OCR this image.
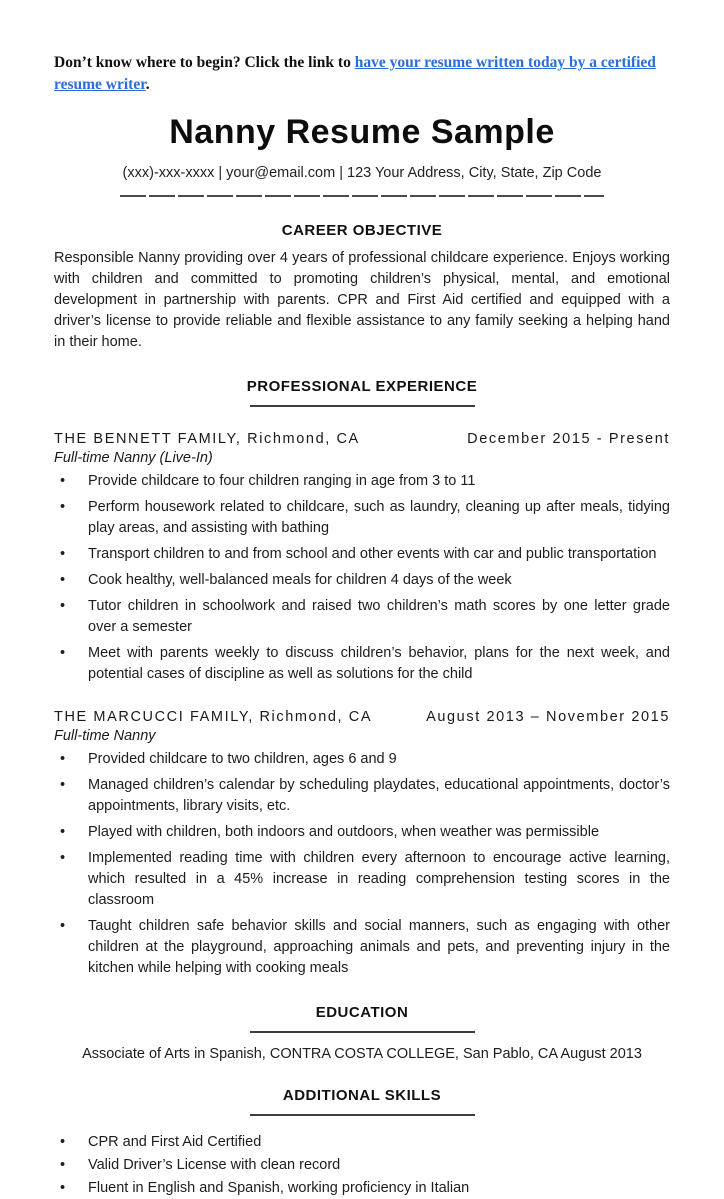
Don’t know where to begin? Click the link to have your resume written today by a certified resume writer.

Nanny Resume Sample
(xxx)-xxx-xxxx | your@email.com | 123 Your Address, City, State, Zip Code
CAREER OBJECTIVE

Responsible Nanny providing over 4 years of professional childcare experience. Enjoys working with children and committed to promoting children’s physical, mental, and emotional development in partnership with parents. CPR and First Aid certified and equipped with a driver’s license to provide reliable and flexible assistance to any family seeking a helping hand in their home.

PROFESSIONAL EXPERIENCE
THE BENNETT FAMILY, Richmond, CA	December 2015 - Present
Full-time Nanny (Live-In)
• Provide childcare to four children ranging in age from 3 to 11
• Perform housework related to childcare, such as laundry, cleaning up after meals, tidying play areas, and assisting with bathing
• Transport children to and from school and other events with car and public transportation
• Cook healthy, well-balanced meals for children 4 days of the week
• Tutor children in schoolwork and raised two children’s math scores by one letter grade over a semester
• Meet with parents weekly to discuss children’s behavior, plans for the next week, and potential cases of discipline as well as solutions for the child
THE MARCUCCI FAMILY, Richmond, CA	August 2013 – November 2015
Full-time Nanny
• Provided childcare to two children, ages 6 and 9
• Managed children’s calendar by scheduling playdates, educational appointments, doctor’s appointments, library visits, etc.
• Played with children, both indoors and outdoors, when weather was permissible
• Implemented reading time with children every afternoon to encourage active learning, which resulted in a 45% increase in reading comprehension testing scores in the classroom
• Taught children safe behavior skills and social manners, such as engaging with other children at the playground, approaching animals and pets, and preventing injury in the kitchen while helping with cooking meals
EDUCATION
Associate of Arts in Spanish, CONTRA COSTA COLLEGE, San Pablo, CA August 2013
ADDITIONAL SKILLS
• CPR and First Aid Certified
• Valid Driver’s License with clean record
• Fluent in English and Spanish, working proficiency in Italian
